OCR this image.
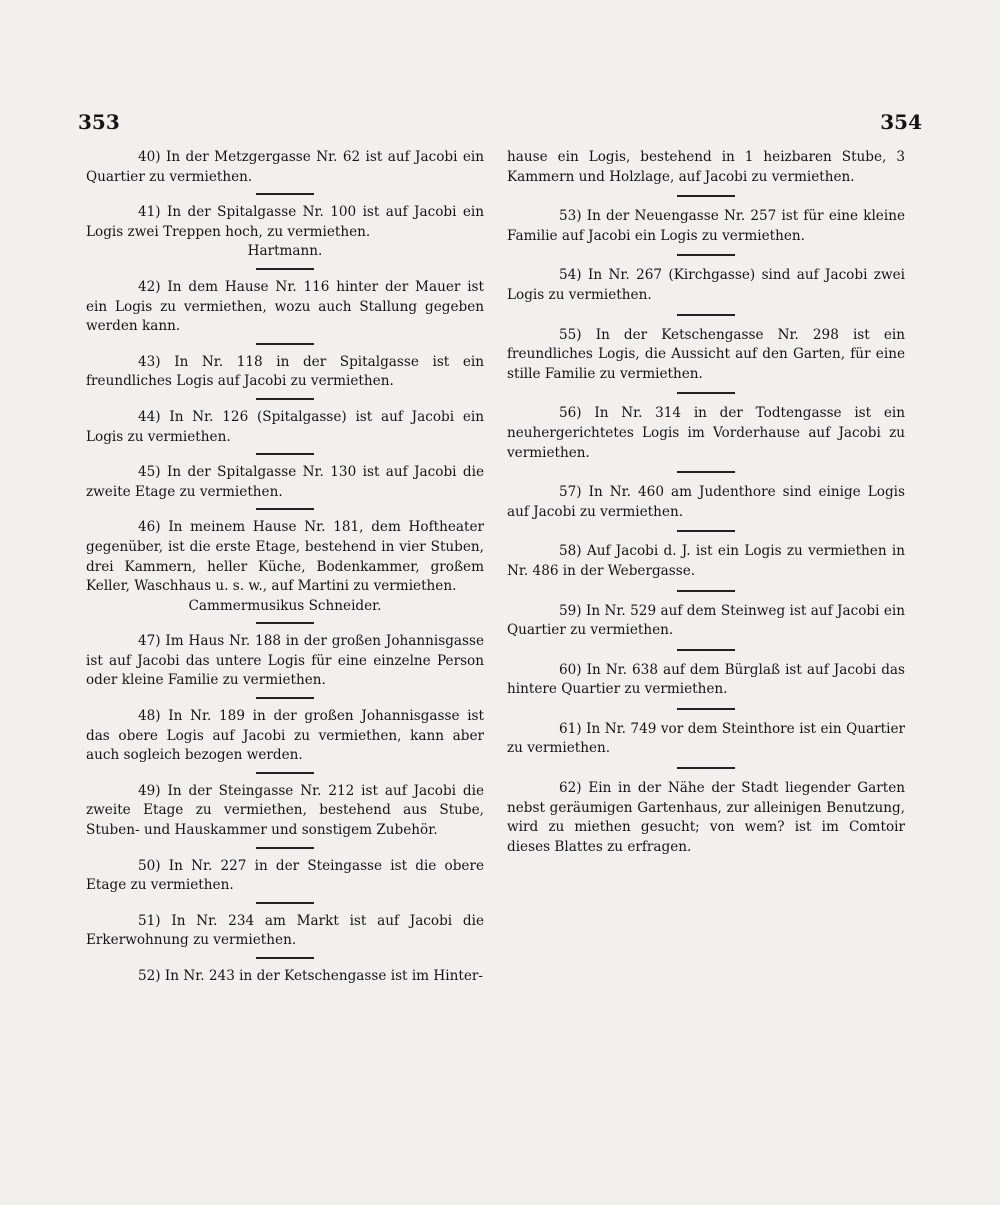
353	354

40) In der Metzgergasse Nr. 62 ist auf Jacobi ein Quartier zu vermiethen.

41) In der Spitalgasse Nr. 100 ist auf Jacobi ein Logis zwei Treppen hoch, zu vermiethen.
Hartmann.

42) In dem Hause Nr. 116 hinter der Mauer ist ein Logis zu vermiethen, wozu auch Stallung gegeben werden kann.

43) In Nr. 118 in der Spitalgasse ist ein freundliches Logis auf Jacobi zu vermiethen.

44) In Nr. 126 (Spitalgasse) ist auf Jacobi ein Logis zu vermiethen.

45) In der Spitalgasse Nr. 130 ist auf Jacobi die zweite Etage zu vermiethen.

46) In meinem Hause Nr. 181, dem Hoftheater gegenüber, ist die erste Etage, bestehend in vier Stuben, drei Kammern, heller Küche, Bodenkammer, großem Keller, Waschhaus u. s. w., auf Martini zu vermiethen.
Cammermusikus Schneider.

47) Im Haus Nr. 188 in der großen Johannisgasse ist auf Jacobi das untere Logis für eine einzelne Person oder kleine Familie zu vermiethen.

48) In Nr. 189 in der großen Johannisgasse ist das obere Logis auf Jacobi zu vermiethen, kann aber auch sogleich bezogen werden.

49) In der Steingasse Nr. 212 ist auf Jacobi die zweite Etage zu vermiethen, bestehend aus Stube, Stuben- und Hauskammer und sonstigem Zubehör.

50) In Nr. 227 in der Steingasse ist die obere Etage zu vermiethen.

51) In Nr. 234 am Markt ist auf Jacobi die Erkerwohnung zu vermiethen.

52) In Nr. 243 in der Ketschengasse ist im Hinter-

hause ein Logis, bestehend in 1 heizbaren Stube, 3 Kammern und Holzlage, auf Jacobi zu vermiethen.

53) In der Neuengasse Nr. 257 ist für eine kleine Familie auf Jacobi ein Logis zu vermiethen.

54) In Nr. 267 (Kirchgasse) sind auf Jacobi zwei Logis zu vermiethen.

55) In der Ketschengasse Nr. 298 ist ein freundliches Logis, die Aussicht auf den Garten, für eine stille Familie zu vermiethen.

56) In Nr. 314 in der Todtengasse ist ein neuhergerichtetes Logis im Vorderhause auf Jacobi zu vermiethen.

57) In Nr. 460 am Judenthore sind einige Logis auf Jacobi zu vermiethen.

58) Auf Jacobi d. J. ist ein Logis zu vermiethen in Nr. 486 in der Webergasse.

59) In Nr. 529 auf dem Steinweg ist auf Jacobi ein Quartier zu vermiethen.

60) In Nr. 638 auf dem Bürglaß ist auf Jacobi das hintere Quartier zu vermiethen.

61) In Nr. 749 vor dem Steinthore ist ein Quartier zu vermiethen.

62) Ein in der Nähe der Stadt liegender Garten nebst geräumigen Gartenhaus, zur alleinigen Benutzung, wird zu miethen gesucht; von wem? ist im Comtoir dieses Blattes zu erfragen.
